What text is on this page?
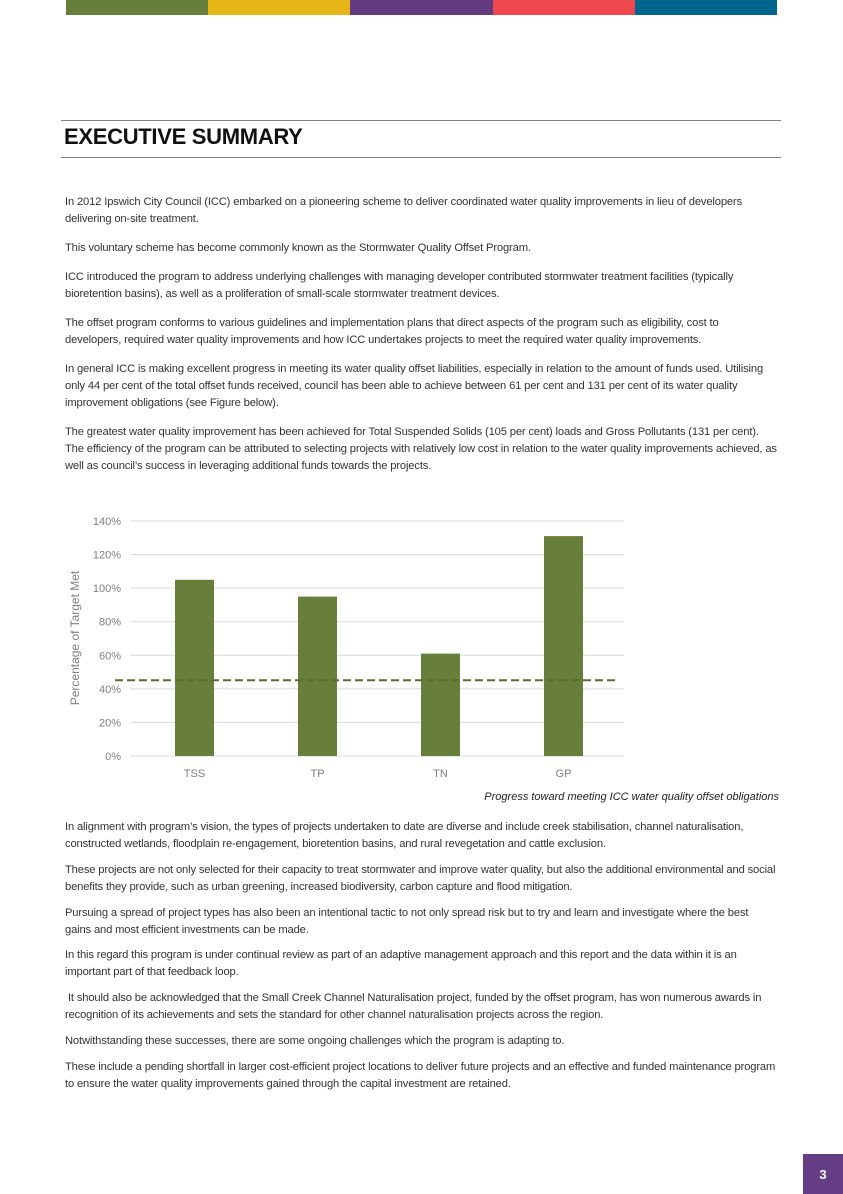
EXECUTIVE SUMMARY

In 2012 Ipswich City Council (ICC) embarked on a pioneering scheme to deliver coordinated water quality improvements in lieu of developers delivering on-site treatment.

This voluntary scheme has become commonly known as the Stormwater Quality Offset Program.

ICC introduced the program to address underlying challenges with managing developer contributed stormwater treatment facilities (typically bioretention basins), as well as a proliferation of small-scale stormwater treatment devices.

The offset program conforms to various guidelines and implementation plans that direct aspects of the program such as eligibility, cost to developers, required water quality improvements and how ICC undertakes projects to meet the required water quality improvements.

In general ICC is making excellent progress in meeting its water quality offset liabilities, especially in relation to the amount of funds used. Utilising only 44 per cent of the total offset funds received, council has been able to achieve between 61 per cent and 131 per cent of its water quality improvement obligations (see Figure below).

The greatest water quality improvement has been achieved for Total Suspended Solids (105 per cent) loads and Gross Pollutants (131 per cent). The efficiency of the program can be attributed to selecting projects with relatively low cost in relation to the water quality improvements achieved, as well as council’s success in leveraging additional funds towards the projects.

0%
20%
40%
60%
80%
100%
120%
140%
Percentage of Target Met
TSS	TP	TN	GP
Progress toward meeting ICC water quality offset obligations

In alignment with program’s vision, the types of projects undertaken to date are diverse and include creek stabilisation, channel naturalisation, constructed wetlands, floodplain re-engagement, bioretention basins, and rural revegetation and cattle exclusion.

These projects are not only selected for their capacity to treat stormwater and improve water quality, but also the additional environmental and social benefits they provide, such as urban greening, increased biodiversity, carbon capture and flood mitigation.

Pursuing a spread of project types has also been an intentional tactic to not only spread risk but to try and learn and investigate where the best gains and most efficient investments can be made.

In this regard this program is under continual review as part of an adaptive management approach and this report and the data within it is an important part of that feedback loop.

It should also be acknowledged that the Small Creek Channel Naturalisation project, funded by the offset program, has won numerous awards in recognition of its achievements and sets the standard for other channel naturalisation projects across the region.

Notwithstanding these successes, there are some ongoing challenges which the program is adapting to.

These include a pending shortfall in larger cost-efficient project locations to deliver future projects and an effective and funded maintenance program to ensure the water quality improvements gained through the capital investment are retained.

3
